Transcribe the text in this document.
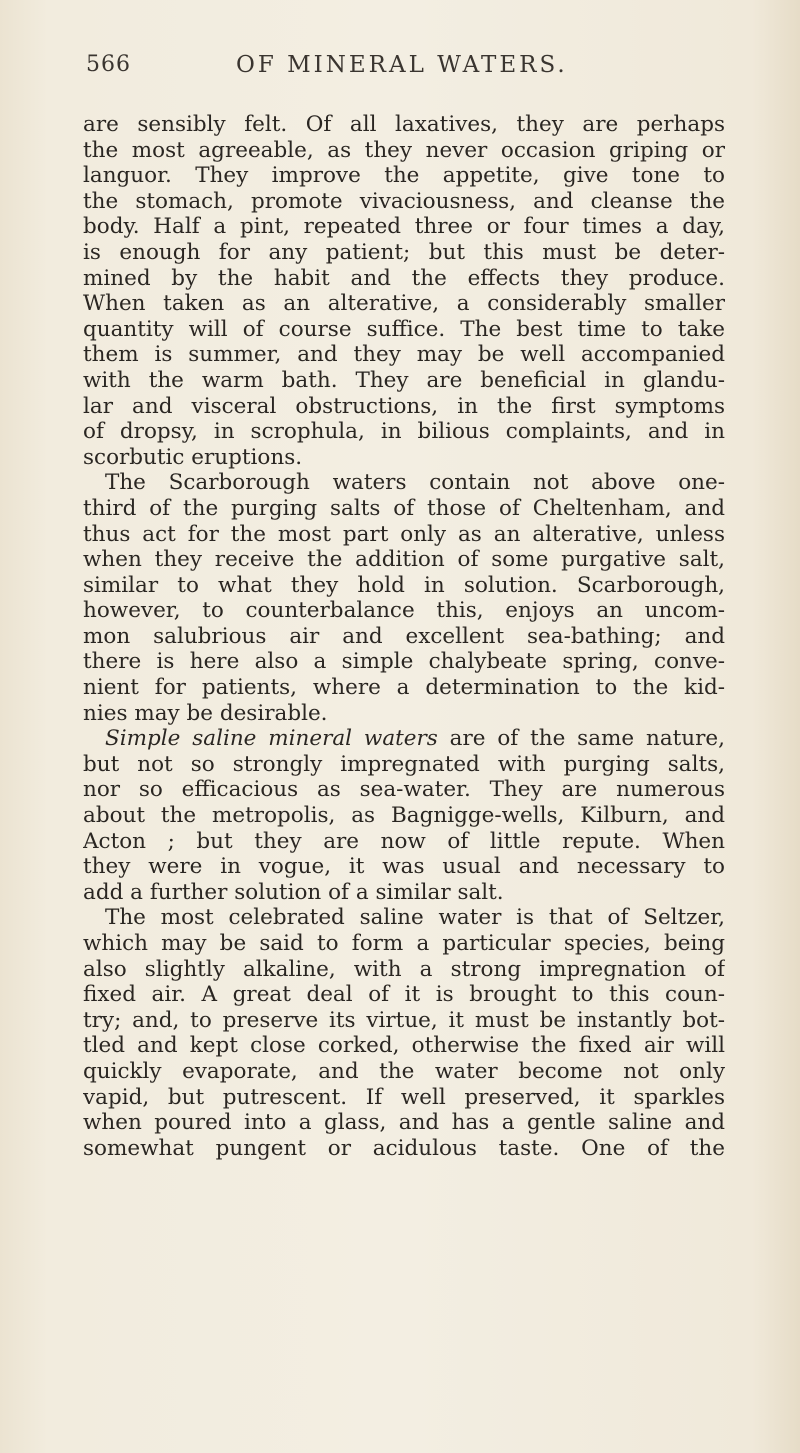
566	OF MINERAL WATERS.
are sensibly felt. Of all laxatives, they are perhaps
the most agreeable, as they never occasion griping or
languor. They improve the appetite, give tone to
the stomach, promote vivaciousness, and cleanse the
body. Half a pint, repeated three or four times a day,
is enough for any patient; but this must be deter-
mined by the habit and the effects they produce.
When taken as an alterative, a considerably smaller
quantity will of course suffice. The best time to take
them is summer, and they may be well accompanied
with the warm bath. They are beneficial in glandu-
lar and visceral obstructions, in the first symptoms
of dropsy, in scrophula, in bilious complaints, and in
scorbutic eruptions.
The Scarborough waters contain not above one-
third of the purging salts of those of Cheltenham, and
thus act for the most part only as an alterative, unless
when they receive the addition of some purgative salt,
similar to what they hold in solution. Scarborough,
however, to counterbalance this, enjoys an uncom-
mon salubrious air and excellent sea-bathing; and
there is here also a simple chalybeate spring, conve-
nient for patients, where a determination to the kid-
nies may be desirable.
Simple saline mineral waters are of the same nature,
but not so strongly impregnated with purging salts,
nor so efficacious as sea-water. They are numerous
about the metropolis, as Bagnigge-wells, Kilburn, and
Acton ; but they are now of little repute. When
they were in vogue, it was usual and necessary to
add a further solution of a similar salt.
The most celebrated saline water is that of Seltzer,
which may be said to form a particular species, being
also slightly alkaline, with a strong impregnation of
fixed air. A great deal of it is brought to this coun-
try; and, to preserve its virtue, it must be instantly bot-
tled and kept close corked, otherwise the fixed air will
quickly evaporate, and the water become not only
vapid, but putrescent. If well preserved, it sparkles
when poured into a glass, and has a gentle saline and
somewhat pungent or acidulous taste. One of the
